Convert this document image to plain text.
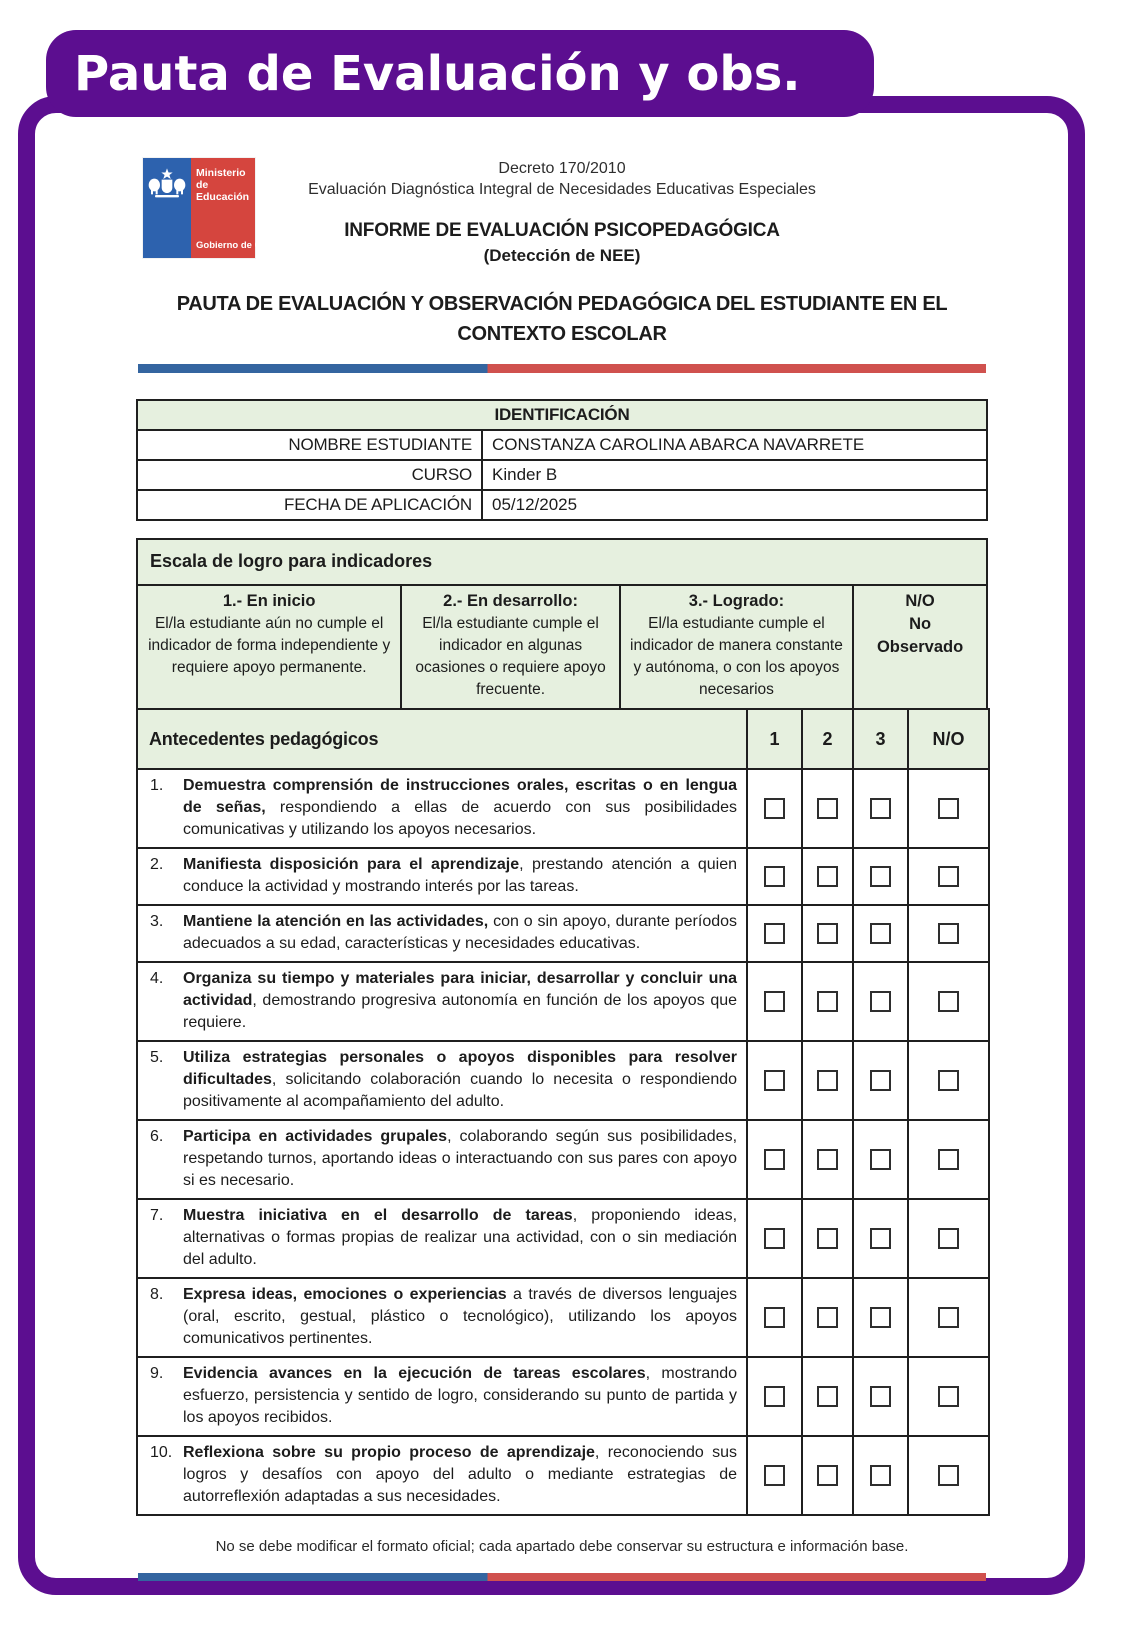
Pauta de Evaluación y obs.
Ministerio de
Educación
Gobierno de Chile
Decreto 170/2010
Evaluación Diagnóstica Integral de Necesidades Educativas Especiales
INFORME DE EVALUACIÓN PSICOPEDAGÓGICA
(Detección de NEE)
PAUTA DE EVALUACIÓN Y OBSERVACIÓN PEDAGÓGICA DEL ESTUDIANTE EN EL
CONTEXTO ESCOLAR
IDENTIFICACIÓN	
NOMBRE ESTUDIANTE	CONSTANZA CAROLINA ABARCA NAVARRETE
CURSO	Kinder B
FECHA DE APLICACIÓN	05/12/2025
Escala de logro para indicadores

1.- En inicio
El/la estudiante aún no cumple el indicador de forma independiente y requiere apoyo permanente.

2.- En desarrollo:
El/la estudiante cumple el indicador en algunas ocasiones o requiere apoyo frecuente.

3.- Logrado:
El/la estudiante cumple el indicador de manera constante y autónoma, o con los apoyos necesarios

N/O
No
Observado
Antecedentes pedagógicos		1	2	3	N/O
1.	Demuestra comprensión de instrucciones orales, escritas o en lengua de señas, respondiendo a ellas de acuerdo con sus posibilidades comunicativas y utilizando los apoyos necesarios.	

2.	Manifiesta disposición para el aprendizaje, prestando atención a quien conduce la actividad y mostrando interés por las tareas.	

3.	Mantiene la atención en las actividades, con o sin apoyo, durante períodos adecuados a su edad, características y necesidades educativas.	

4.	Organiza su tiempo y materiales para iniciar, desarrollar y concluir una actividad, demostrando progresiva autonomía en función de los apoyos que requiere.	

5.	Utiliza estrategias personales o apoyos disponibles para resolver dificultades, solicitando colaboración cuando lo necesita o respondiendo positivamente al acompañamiento del adulto.	

6.	Participa en actividades grupales, colaborando según sus posibilidades, respetando turnos, aportando ideas o interactuando con sus pares con apoyo si es necesario.	

7.	Muestra iniciativa en el desarrollo de tareas, proponiendo ideas, alternativas o formas propias de realizar una actividad, con o sin mediación del adulto.	

8.	Expresa ideas, emociones o experiencias a través de diversos lenguajes (oral, escrito, gestual, plástico o tecnológico), utilizando los apoyos comunicativos pertinentes.	

9.	Evidencia avances en la ejecución de tareas escolares, mostrando esfuerzo, persistencia y sentido de logro, considerando su punto de partida y los apoyos recibidos.	

10.	Reflexiona sobre su propio proceso de aprendizaje, reconociendo sus logros y desafíos con apoyo del adulto o mediante estrategias de autorreflexión adaptadas a sus necesidades.	

No se debe modificar el formato oficial; cada apartado debe conservar su estructura e información base.
